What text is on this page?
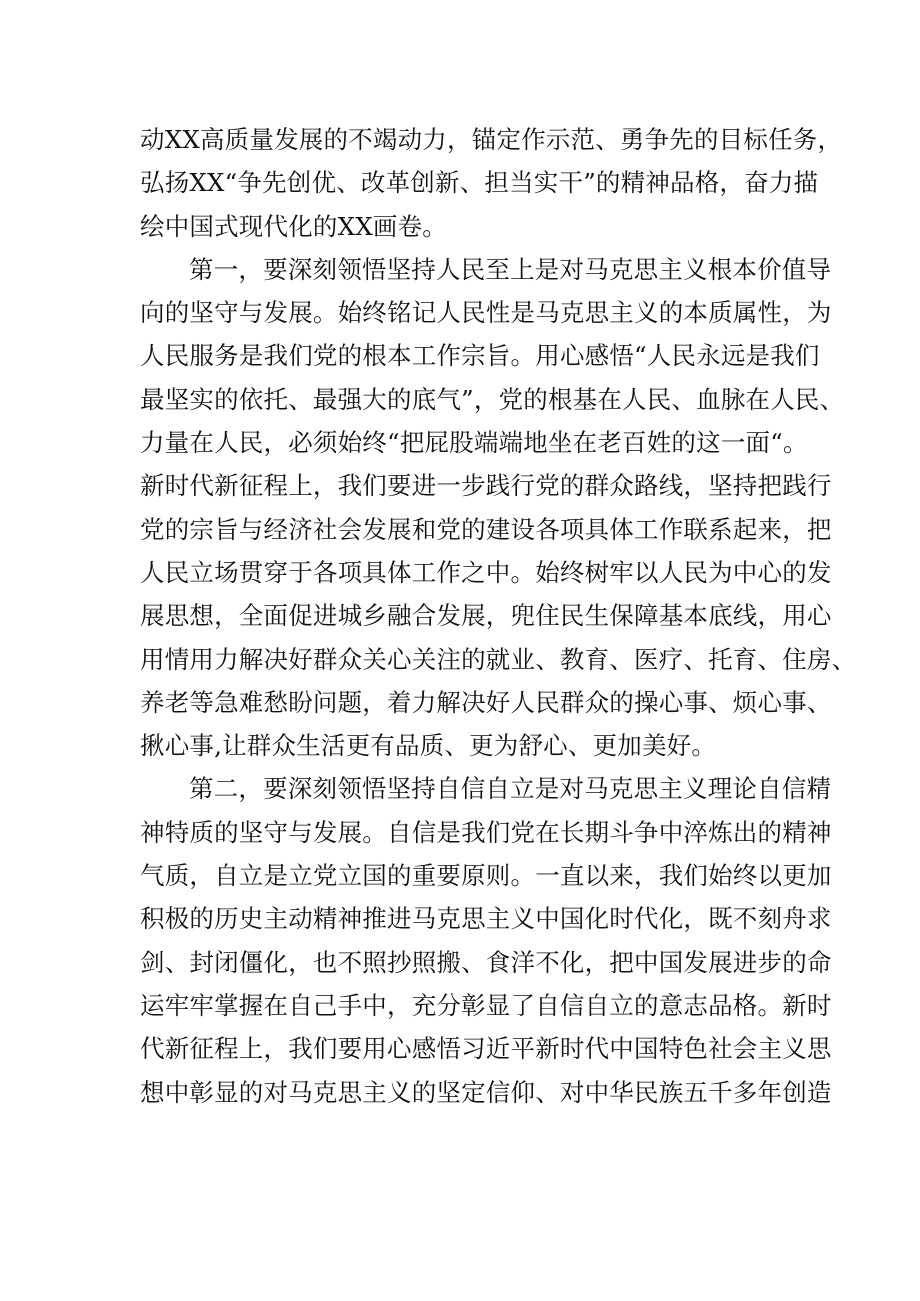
动XX高质量发展的不竭动力，锚定作示范、勇争先的目标任务，
弘扬XX“争先创优、改革创新、担当实干”的精神品格，奋力描
绘中国式现代化的XX画卷。
第一，要深刻领悟坚持人民至上是对马克思主义根本价值导
向的坚守与发展。始终铭记人民性是马克思主义的本质属性，为
人民服务是我们党的根本工作宗旨。用心感悟“人民永远是我们
最坚实的依托、最强大的底气”，党的根基在人民、血脉在人民、
力量在人民，必须始终“把屁股端端地坐在老百姓的这一面“。
新时代新征程上，我们要进一步践行党的群众路线，坚持把践行
党的宗旨与经济社会发展和党的建设各项具体工作联系起来，把
人民立场贯穿于各项具体工作之中。始终树牢以人民为中心的发
展思想，全面促进城乡融合发展，兜住民生保障基本底线，用心
用情用力解决好群众关心关注的就业、教育、医疗、托育、住房、
养老等急难愁盼问题，着力解决好人民群众的操心事、烦心事、
揪心事,让群众生活更有品质、更为舒心、更加美好。
第二，要深刻领悟坚持自信自立是对马克思主义理论自信精
神特质的坚守与发展。自信是我们党在长期斗争中淬炼出的精神
气质，自立是立党立国的重要原则。一直以来，我们始终以更加
积极的历史主动精神推进马克思主义中国化时代化，既不刻舟求
剑、封闭僵化，也不照抄照搬、食洋不化，把中国发展进步的命
运牢牢掌握在自己手中，充分彰显了自信自立的意志品格。新时
代新征程上，我们要用心感悟习近平新时代中国特色社会主义思
想中彰显的对马克思主义的坚定信仰、对中华民族五千多年创造
